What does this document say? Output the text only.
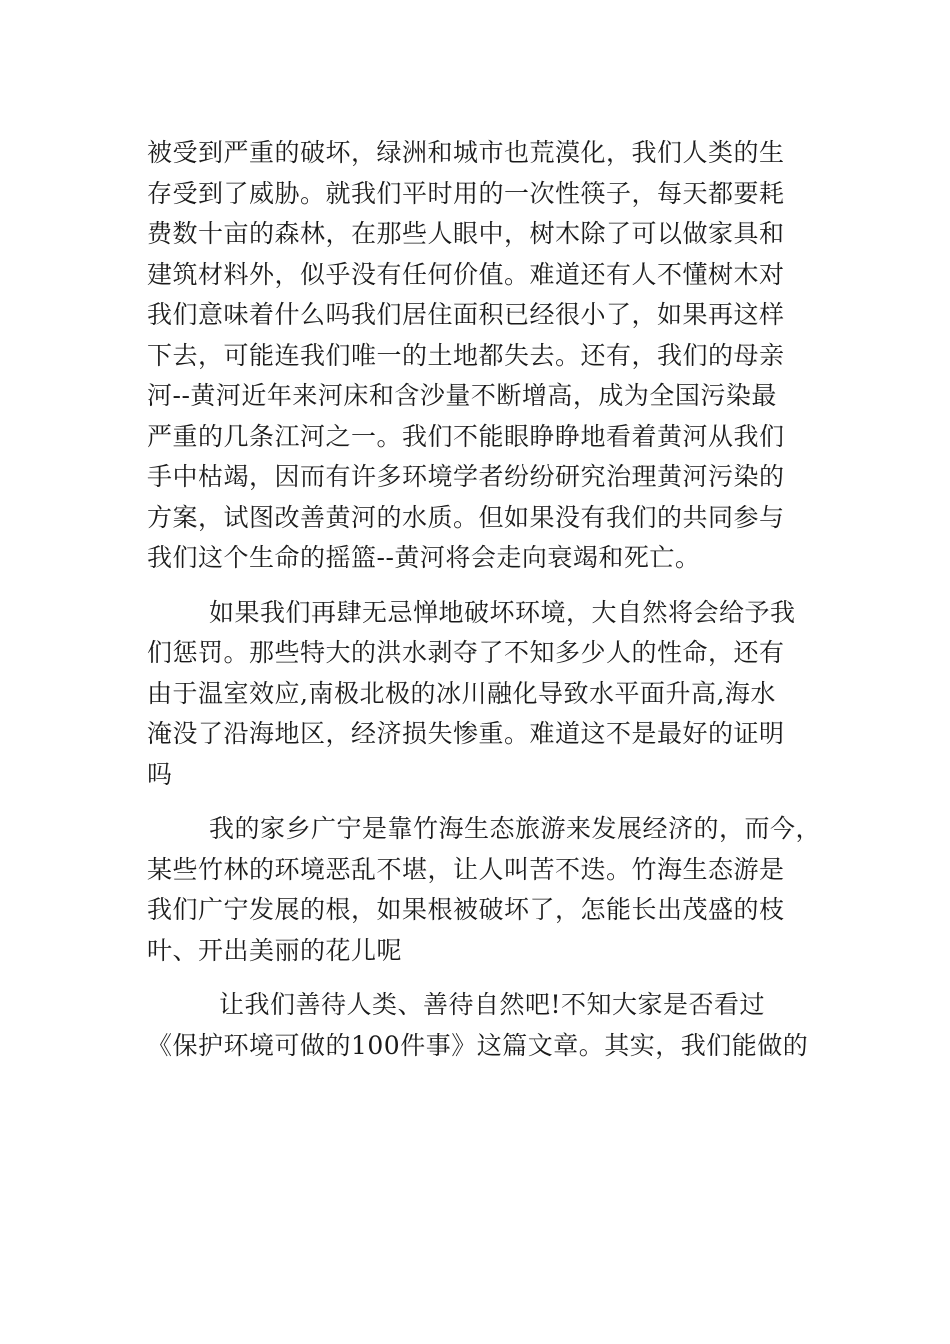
被受到严重的破坏，绿洲和城市也荒漠化，我们人类的生
存受到了威胁。就我们平时用的一次性筷子，每天都要耗
费数十亩的森林，在那些人眼中，树木除了可以做家具和
建筑材料外，似乎没有任何价值。难道还有人不懂树木对
我们意味着什么吗我们居住面积已经很小了，如果再这样
下去，可能连我们唯一的土地都失去。还有，我们的母亲
河--黄河近年来河床和含沙量不断增高，成为全国污染最
严重的几条江河之一。我们不能眼睁睁地看着黄河从我们
手中枯竭，因而有许多环境学者纷纷研究治理黄河污染的
方案，试图改善黄河的水质。但如果没有我们的共同参与
我们这个生命的摇篮--黄河将会走向衰竭和死亡。
如果我们再肆无忌惮地破坏环境，大自然将会给予我
们惩罚。那些特大的洪水剥夺了不知多少人的性命，还有
由于温室效应,南极北极的冰川融化导致水平面升高,海水
淹没了沿海地区，经济损失惨重。难道这不是最好的证明
吗
我的家乡广宁是靠竹海生态旅游来发展经济的，而今，
某些竹林的环境恶乱不堪，让人叫苦不迭。竹海生态游是
我们广宁发展的根，如果根被破坏了，怎能长出茂盛的枝
叶、开出美丽的花儿呢
让我们善待人类、善待自然吧!不知大家是否看过
《保护环境可做的100件事》这篇文章。其实，我们能做的
